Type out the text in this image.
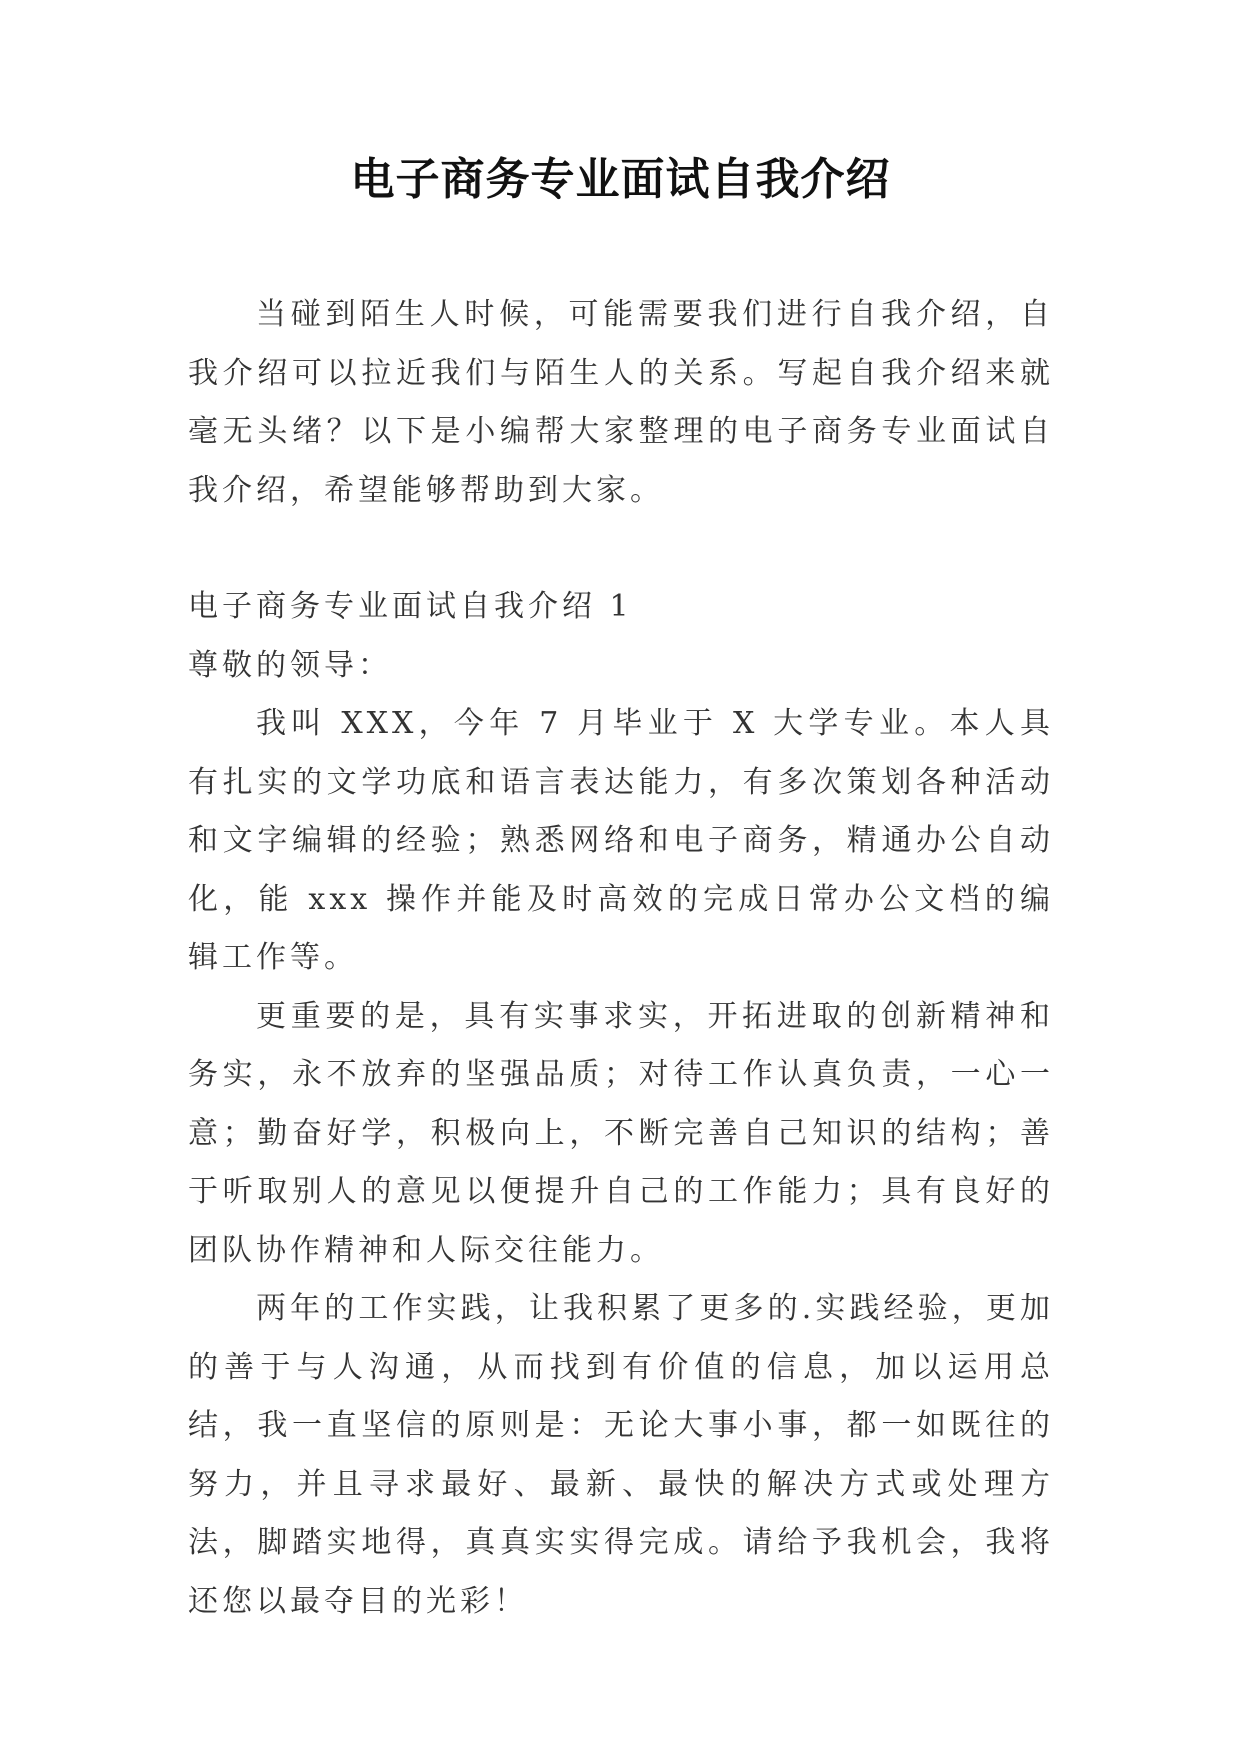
电子商务专业面试自我介绍

当碰到陌生人时候，可能需要我们进行自我介绍，自我介绍可以拉近我们与陌生人的关系。写起自我介绍来就毫无头绪？以下是小编帮大家整理的电子商务专业面试自我介绍，希望能够帮助到大家。

电子商务专业面试自我介绍 1

尊敬的领导：

我叫 XXX，今年 7 月毕业于 X 大学专业。本人具有扎实的文学功底和语言表达能力，有多次策划各种活动和文字编辑的经验；熟悉网络和电子商务，精通办公自动化，能 xxx 操作并能及时高效的完成日常办公文档的编辑工作等。

更重要的是，具有实事求实，开拓进取的创新精神和务实，永不放弃的坚强品质；对待工作认真负责，一心一意；勤奋好学，积极向上，不断完善自己知识的结构；善于听取别人的意见以便提升自己的工作能力；具有良好的团队协作精神和人际交往能力。

两年的工作实践，让我积累了更多的.实践经验，更加的善于与人沟通，从而找到有价值的信息，加以运用总结，我一直坚信的原则是：无论大事小事，都一如既往的努力，并且寻求最好、最新、最快的解决方式或处理方法，脚踏实地得，真真实实得完成。请给予我机会，我将还您以最夺目的光彩！
